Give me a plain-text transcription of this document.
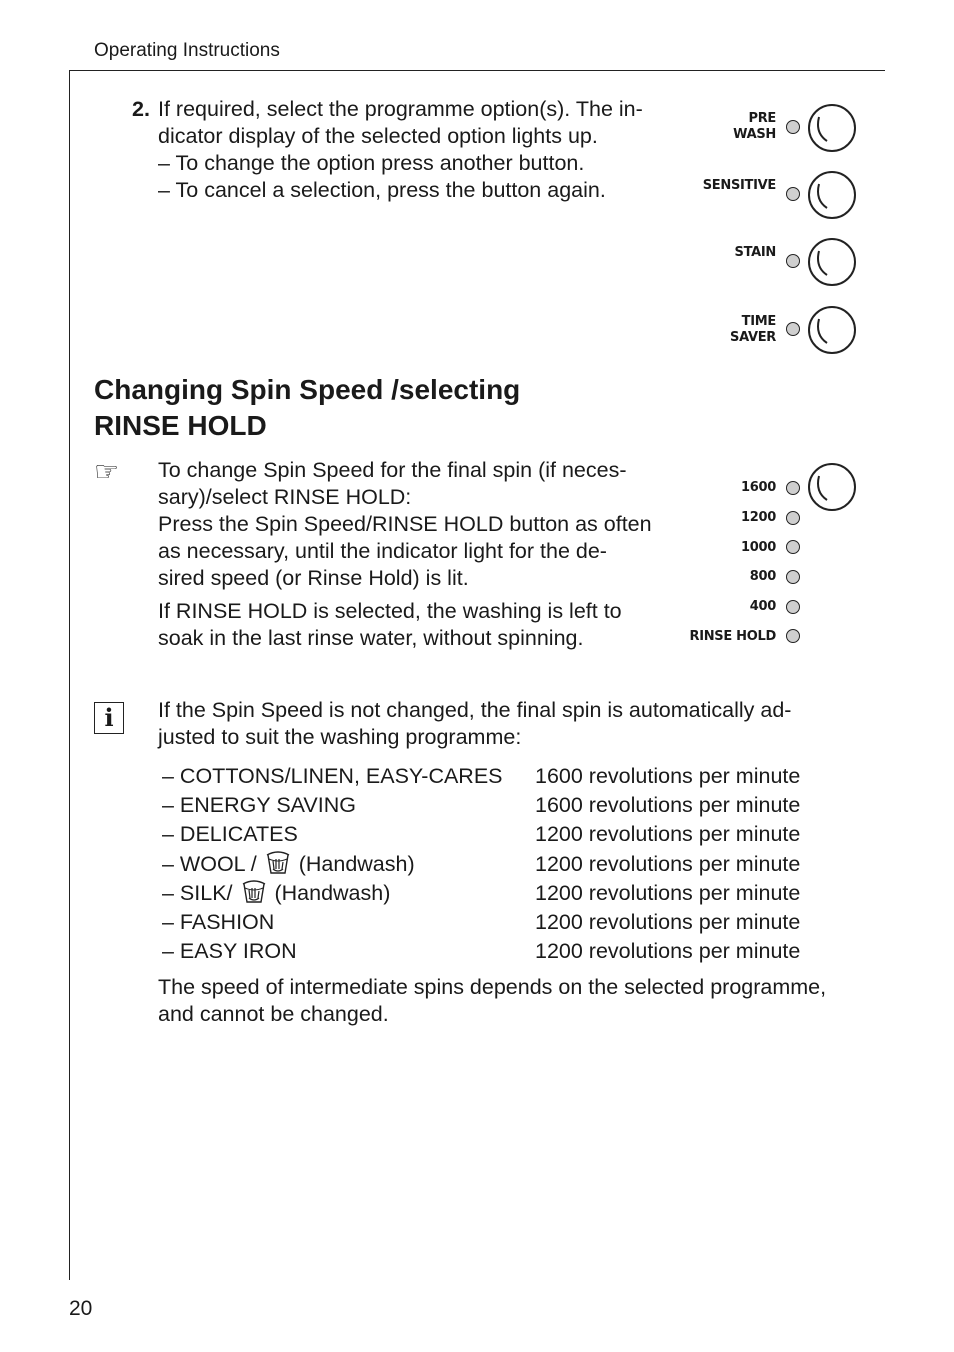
Operating Instructions
2. If required, select the programme option(s). The in-
dicator display of the selected option lights up.
– To change the option press another button.
– To cancel a selection, press the button again.
PRE
WASH
SENSITIVE
STAIN
TIME
SAVER
Changing Spin Speed /selecting
RINSE HOLD
☞ To change Spin Speed for the final spin (if neces-
sary)/select RINSE HOLD:
Press the Spin Speed/RINSE HOLD button as often
as necessary, until the indicator light for the de-
sired speed (or Rinse Hold) is lit.
If RINSE HOLD is selected, the washing is left to
soak in the last rinse water, without spinning.
1600
1200
1000
800
400
RINSE HOLD
i	If the Spin Speed is not changed, the final spin is automatically ad-
justed to suit the washing programme:
– COTTONS/LINEN, EASY-CARES 1600 revolutions per minute
– ENERGY SAVING	1600 revolutions per minute
– DELICATES	1200 revolutions per minute
– WOOL /  (Handwash)	1200 revolutions per minute
– SILK/  (Handwash)	1200 revolutions per minute
– FASHION	1200 revolutions per minute
– EASY IRON	1200 revolutions per minute
The speed of intermediate spins depends on the selected programme,
and cannot be changed.
20
